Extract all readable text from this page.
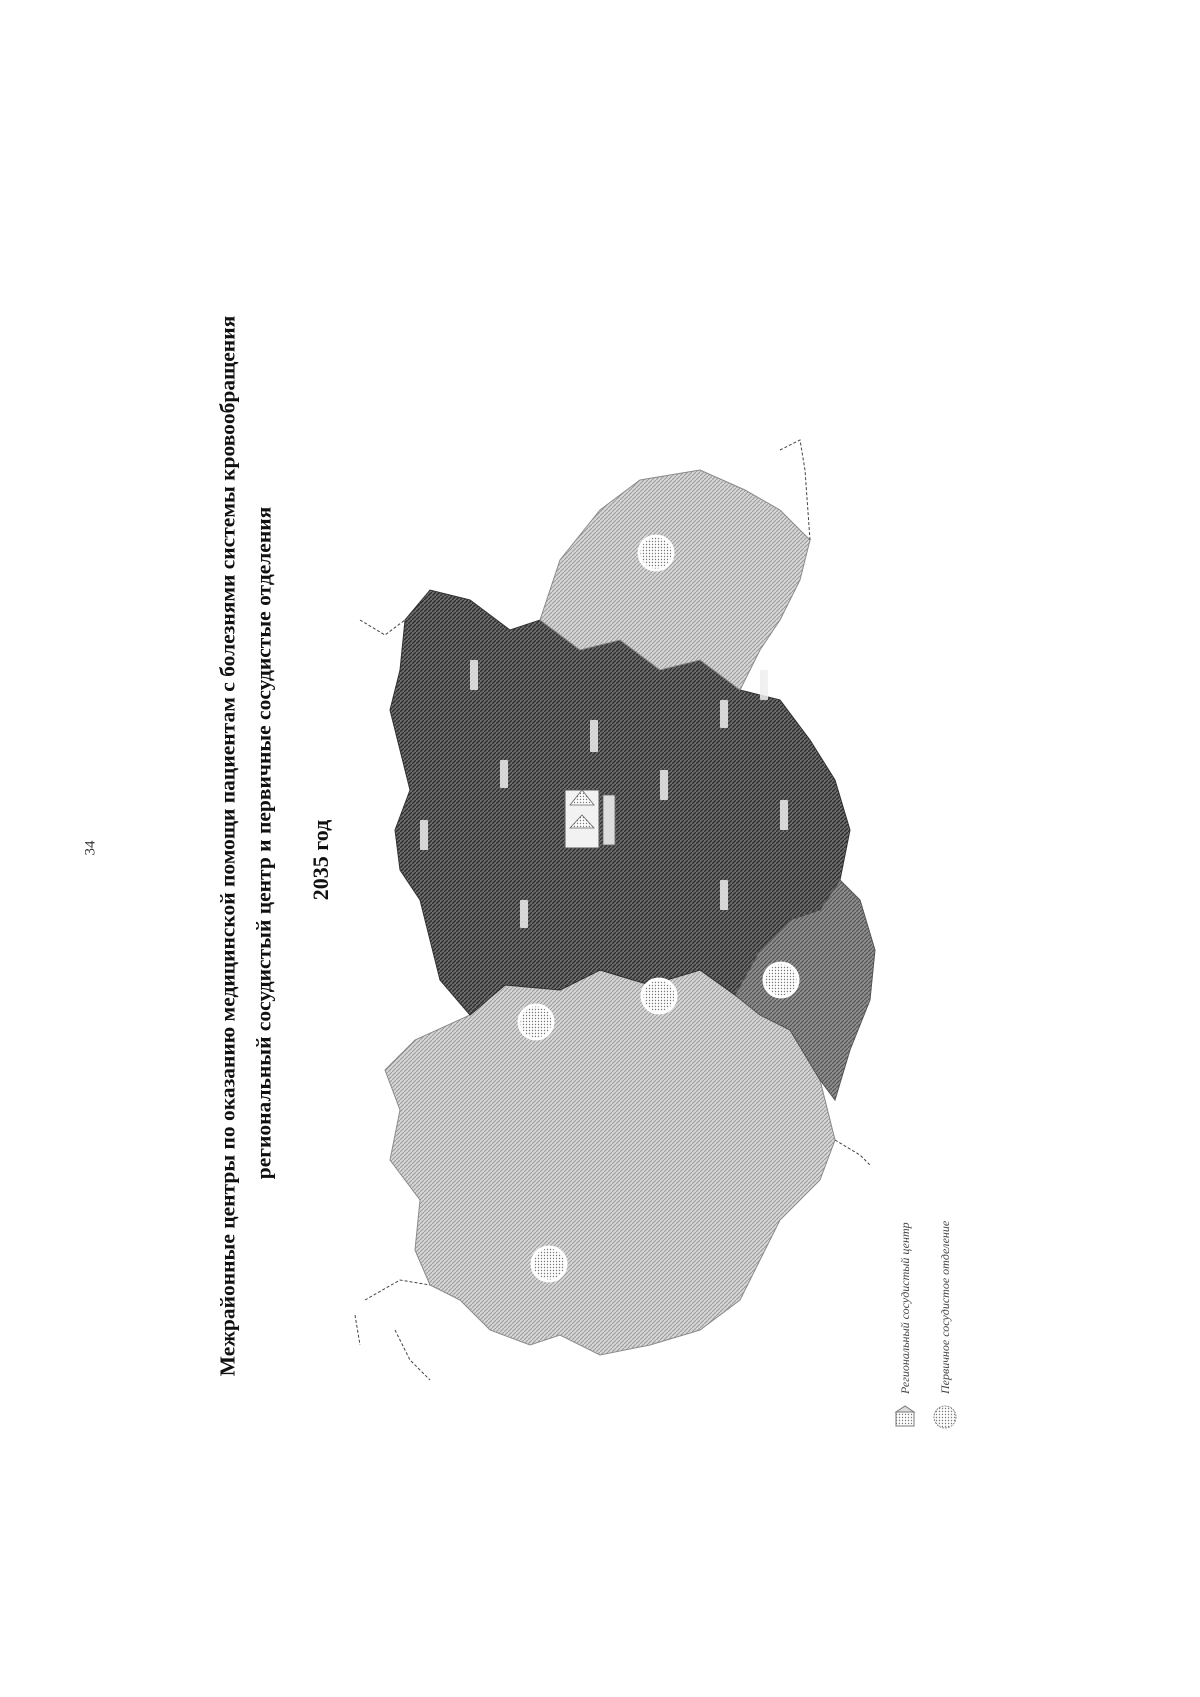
34	Межрайонные центры по оказанию медицинской помощи пациентам с болезнями системы кровообращения региональный сосудистый центр и первичные сосудистые отделения 2035 год
Региональный сосудистый центр Первичное сосудистое отделение
